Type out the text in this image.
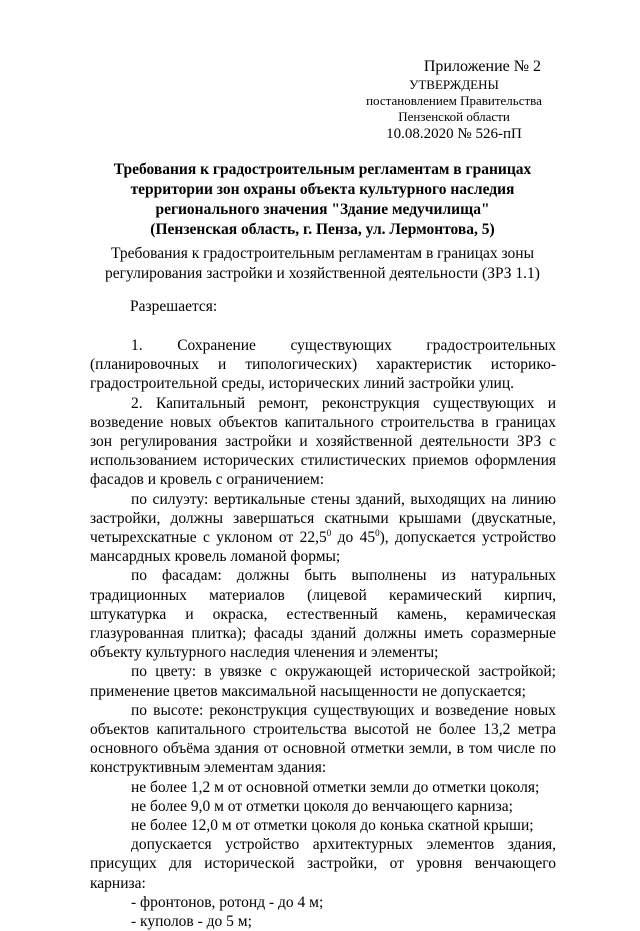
Приложение № 2
УТВЕРЖДЕНЫ
постановлением Правительства
Пензенской области
10.08.2020 № 526-пП
Требования к градостроительным регламентам в границах
территории зон охраны объекта культурного наследия
регионального значения "Здание медучилища"
(Пензенская область, г. Пенза, ул. Лермонтова, 5)
Требования к градостроительным регламентам в границах зоны
регулирования застройки и хозяйственной деятельности (ЗРЗ 1.1)
Разрешается:

1. Сохранение существующих градостроительных (планировочных и типологических) характеристик историко-градостроительной среды, исторических линий застройки улиц.

2. Капитальный ремонт, реконструкция существующих и возведение новых объектов капитального строительства в границах зон регулирования застройки и хозяйственной деятельности ЗРЗ с использованием исторических стилистических приемов оформления фасадов и кровель с ограничением:

по силуэту: вертикальные стены зданий, выходящих на линию застройки, должны завершаться скатными крышами (двускатные, четырехскатные с уклоном от 22,5$^0$ до $45^0$), допускается устройство мансардных кровель ломаной формы;

по фасадам: должны быть выполнены из натуральных традиционных материалов (лицевой керамический кирпич, штукатурка и окраска, естественный камень, керамическая глазурованная плитка); фасады зданий должны иметь соразмерные объекту культурного наследия членения и элементы;

по цвету: в увязке с окружающей исторической застройкой; применение цветов максимальной насыщенности не допускается;

по высоте: реконструкция существующих и возведение новых объектов капитального строительства высотой не более 13,2 метра основного объёма здания от основной отметки земли, в том числе по конструктивным элементам здания:

не более 1,2 м от основной отметки земли до отметки цоколя;

не более 9,0 м от отметки цоколя до венчающего карниза;

не более 12,0 м от отметки цоколя до конька скатной крыши;

допускается устройство архитектурных элементов здания, присущих для исторической застройки, от уровня венчающего карниза:

- фронтонов, ротонд - до 4 м;

- куполов - до 5 м;
